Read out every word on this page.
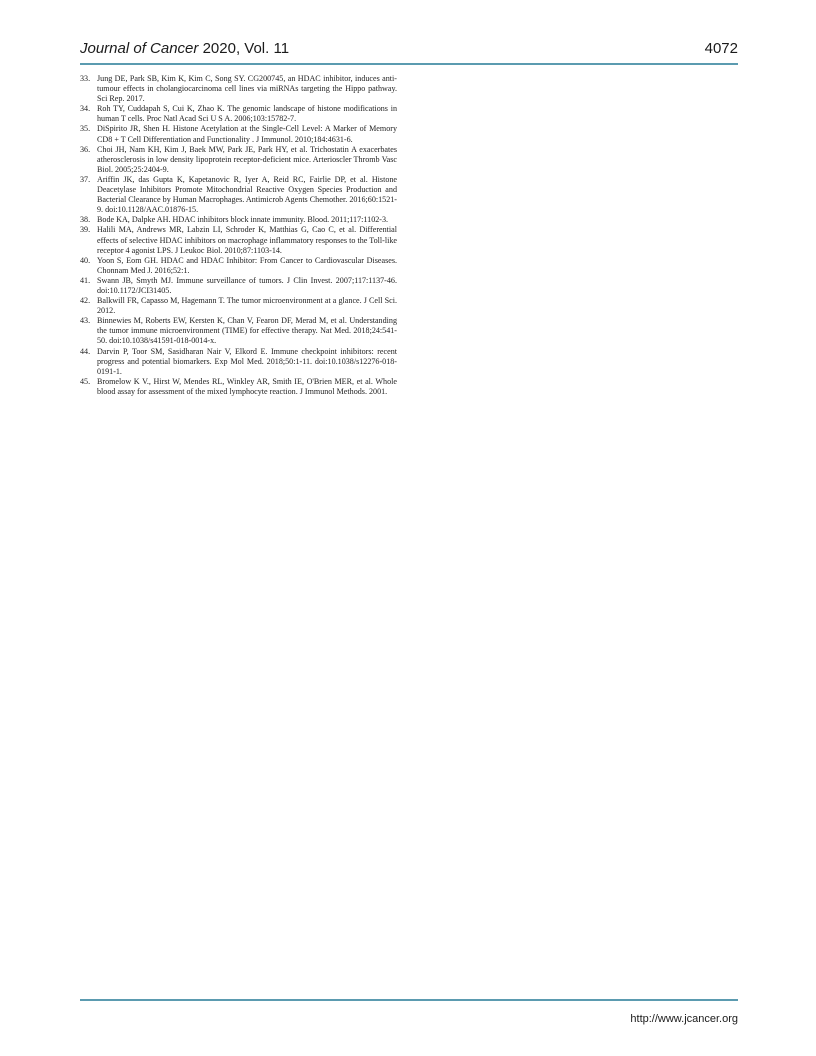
Journal of Cancer 2020, Vol. 11	4072
33. Jung DE, Park SB, Kim K, Kim C, Song SY. CG200745, an HDAC inhibitor, induces anti-tumour effects in cholangiocarcinoma cell lines via miRNAs targeting the Hippo pathway. Sci Rep. 2017.
34. Roh TY, Cuddapah S, Cui K, Zhao K. The genomic landscape of histone modifications in human T cells. Proc Natl Acad Sci U S A. 2006;103:15782-7.
35. DiSpirito JR, Shen H. Histone Acetylation at the Single-Cell Level: A Marker of Memory CD8 + T Cell Differentiation and Functionality . J Immunol. 2010;184:4631-6.
36. Choi JH, Nam KH, Kim J, Baek MW, Park JE, Park HY, et al. Trichostatin A exacerbates atherosclerosis in low density lipoprotein receptor-deficient mice. Arterioscler Thromb Vasc Biol. 2005;25:2404-9.
37. Ariffin JK, das Gupta K, Kapetanovic R, Iyer A, Reid RC, Fairlie DP, et al. Histone Deacetylase Inhibitors Promote Mitochondrial Reactive Oxygen Species Production and Bacterial Clearance by Human Macrophages. Antimicrob Agents Chemother. 2016;60:1521-9. doi:10.1128/AAC.01876-15.
38. Bode KA, Dalpke AH. HDAC inhibitors block innate immunity. Blood. 2011;117:1102-3.
39. Halili MA, Andrews MR, Labzin LI, Schroder K, Matthias G, Cao C, et al. Differential effects of selective HDAC inhibitors on macrophage inflammatory responses to the Toll-like receptor 4 agonist LPS. J Leukoc Biol. 2010;87:1103-14.
40. Yoon S, Eom GH. HDAC and HDAC Inhibitor: From Cancer to Cardiovascular Diseases. Chonnam Med J. 2016;52:1.
41. Swann JB, Smyth MJ. Immune surveillance of tumors. J Clin Invest. 2007;117:1137-46. doi:10.1172/JCI31405.
42. Balkwill FR, Capasso M, Hagemann T. The tumor microenvironment at a glance. J Cell Sci. 2012.
43. Binnewies M, Roberts EW, Kersten K, Chan V, Fearon DF, Merad M, et al. Understanding the tumor immune microenvironment (TIME) for effective therapy. Nat Med. 2018;24:541-50. doi:10.1038/s41591-018-0014-x.
44. Darvin P, Toor SM, Sasidharan Nair V, Elkord E. Immune checkpoint inhibitors: recent progress and potential biomarkers. Exp Mol Med. 2018;50:1-11. doi:10.1038/s12276-018-0191-1.
45. Bromelow K V., Hirst W, Mendes RL, Winkley AR, Smith IE, O'Brien MER, et al. Whole blood assay for assessment of the mixed lymphocyte reaction. J Immunol Methods. 2001.
http://www.jcancer.org
